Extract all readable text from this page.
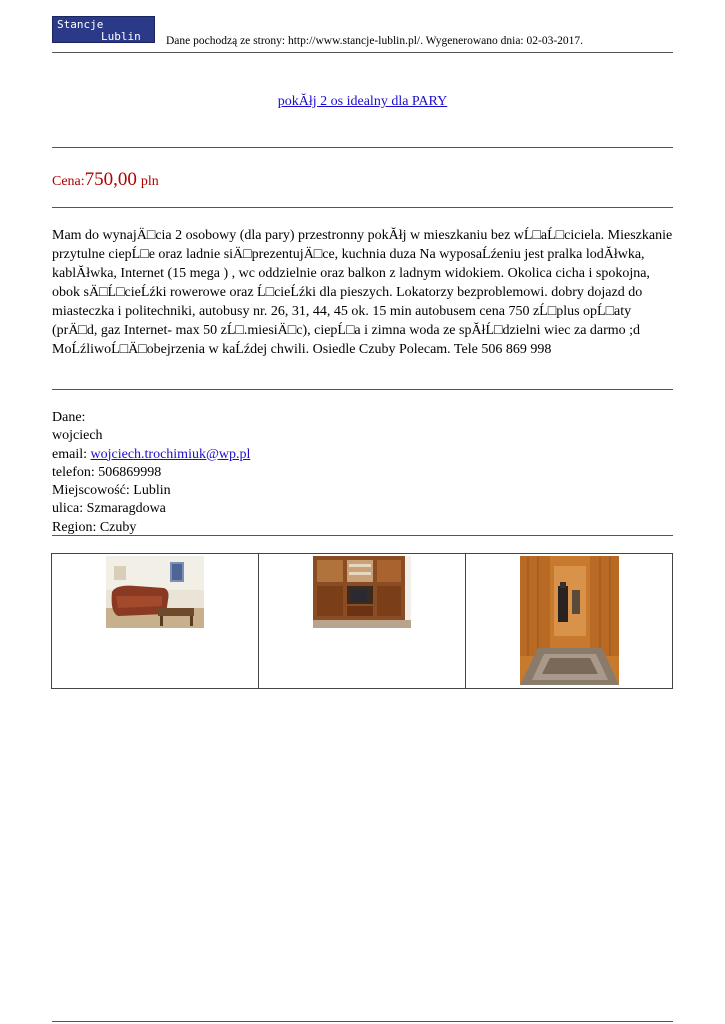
Stancje
Lublin Dane pochodzą ze strony: http://www.stancje-lublin.pl/. Wygenerowano dnia: 02-03-2017.
pokĂłj 2 os idealny dla PARY
Cena:750,00 pln
Mam do wynajÄ□cia 2 osobowy (dla pary) przestronny pokĂłj w mieszkaniu bez wĹ□aĹ□ciciela. Mieszkanie przytulne ciepĹ□e oraz ladnie siÄ□prezentujÄ□ce, kuchnia duza Na wyposaĹźeniu jest pralka lodĂłwka, kablĂłwka, Internet (15 mega ) , wc oddzielnie oraz balkon z ladnym widokiem. Okolica cicha i spokojna, obok sÄ□Ĺ□cieĹźki rowerowe oraz Ĺ□cieĹźki dla pieszych. Lokatorzy bezproblemowi. dobry dojazd do miasteczka i politechniki, autobusy nr. 26, 31, 44, 45 ok. 15 min autobusem cena 750 zĹ□plus opĹ□aty (prÄ□d, gaz Internet- max 50 zĹ□.miesiÄ□c), ciepĹ□a i zimna woda ze spĂłĹ□dzielni wiec za darmo ;d MoĹźliwoĹ□Ä□obejrzenia w kaĹźdej chwili. Osiedle Czuby Polecam. Tele 506 869 998
Dane:
wojciech
email: wojciech.trochimiuk@wp.pl
telefon: 506869998
Miejscowość: Lublin
ulica: Szmaragdowa
Region: Czuby
